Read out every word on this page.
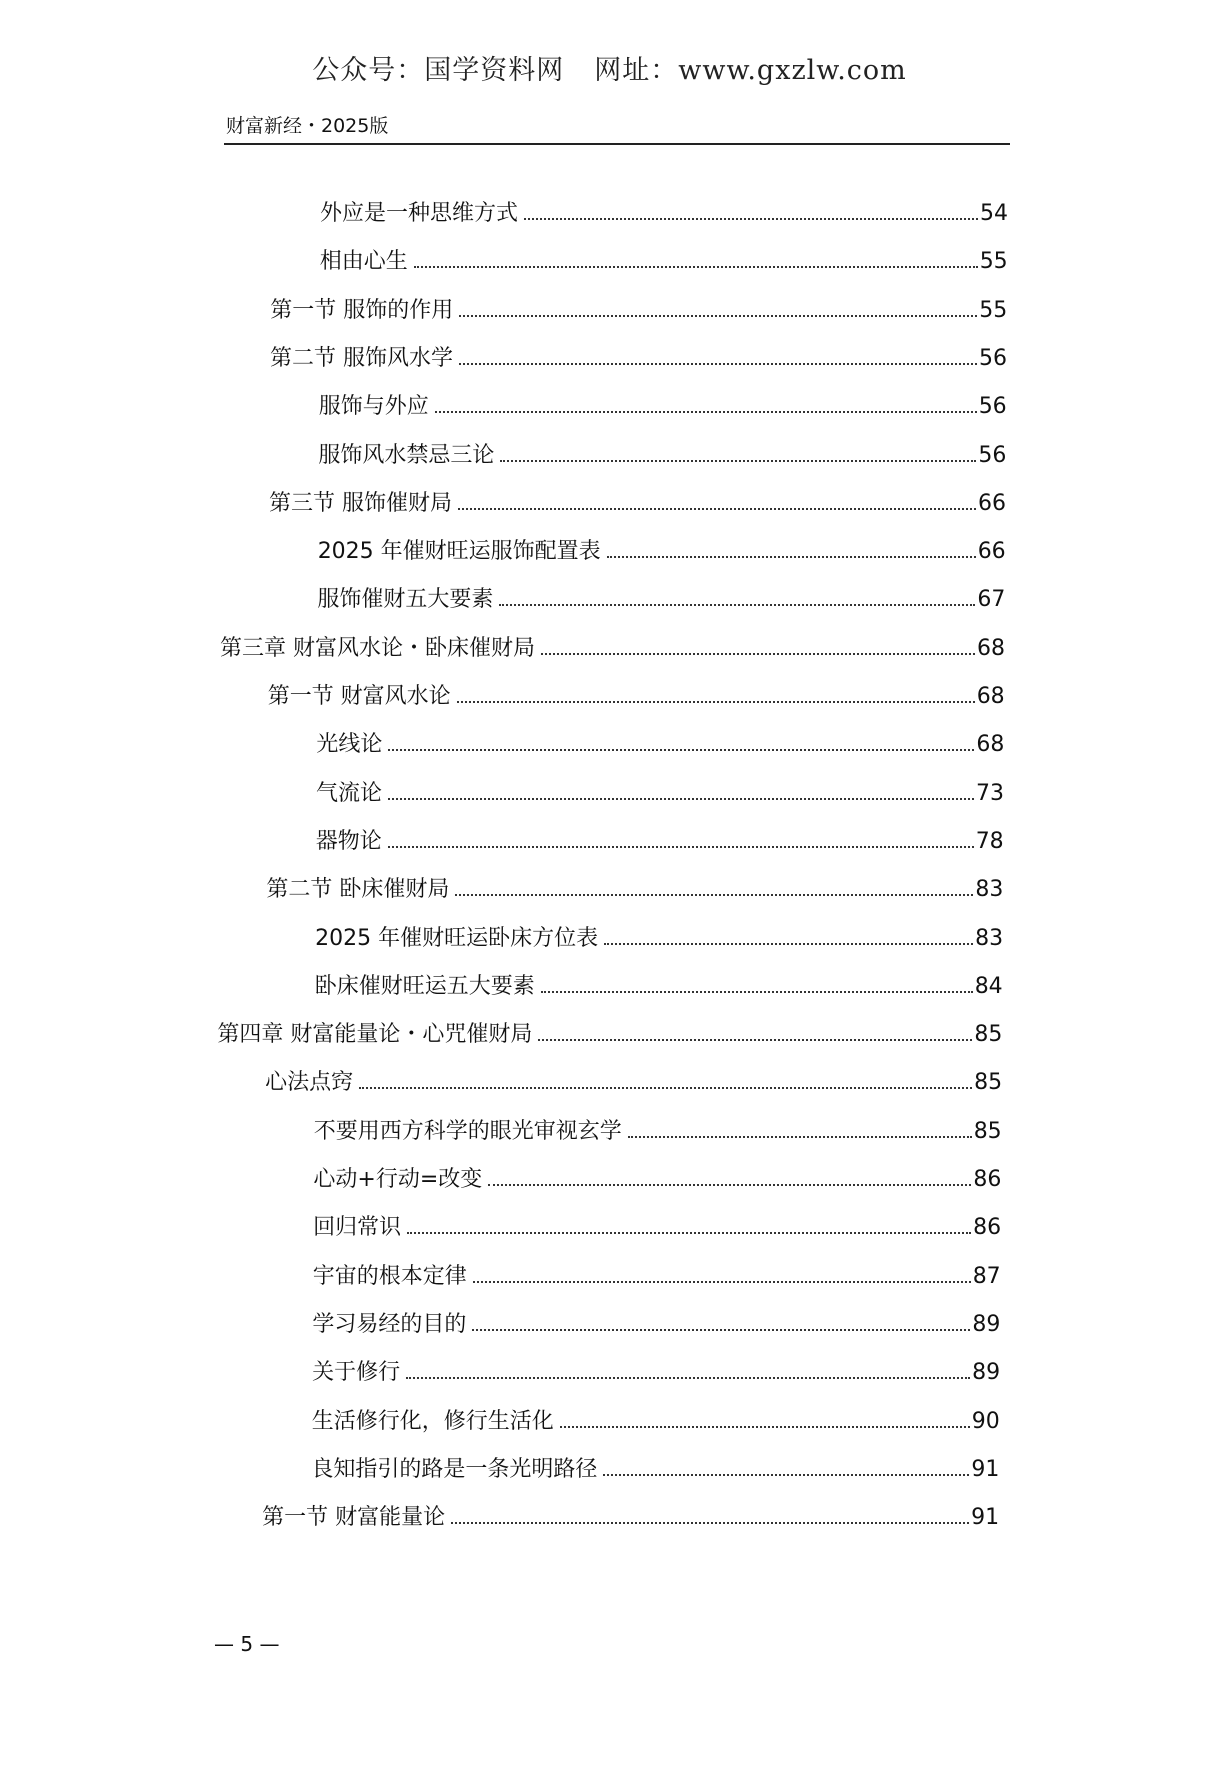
公众号：国学资料网 网址：www.gxzlw.com
财富新经・2025版
外应是一种思维方式	54
相由心生	55
第一节 服饰的作用	55
第二节 服饰风水学	56
服饰与外应	56
服饰风水禁忌三论	56
第三节 服饰催财局	66
2025 年催财旺运服饰配置表	66
服饰催财五大要素	67
第三章 财富风水论・卧床催财局	68
第一节 财富风水论	68
光线论	68
气流论	73
器物论	78
第二节 卧床催财局	83
2025 年催财旺运卧床方位表	83
卧床催财旺运五大要素	84
第四章 财富能量论・心咒催财局	85
心法点窍	85
不要用西方科学的眼光审视玄学	85
心动+行动=改变	86
回归常识	86
宇宙的根本定律	87
学习易经的目的	89
关于修行	89
生活修行化，修行生活化	90
良知指引的路是一条光明路径	91
第一节 财富能量论	91
— 5 —
